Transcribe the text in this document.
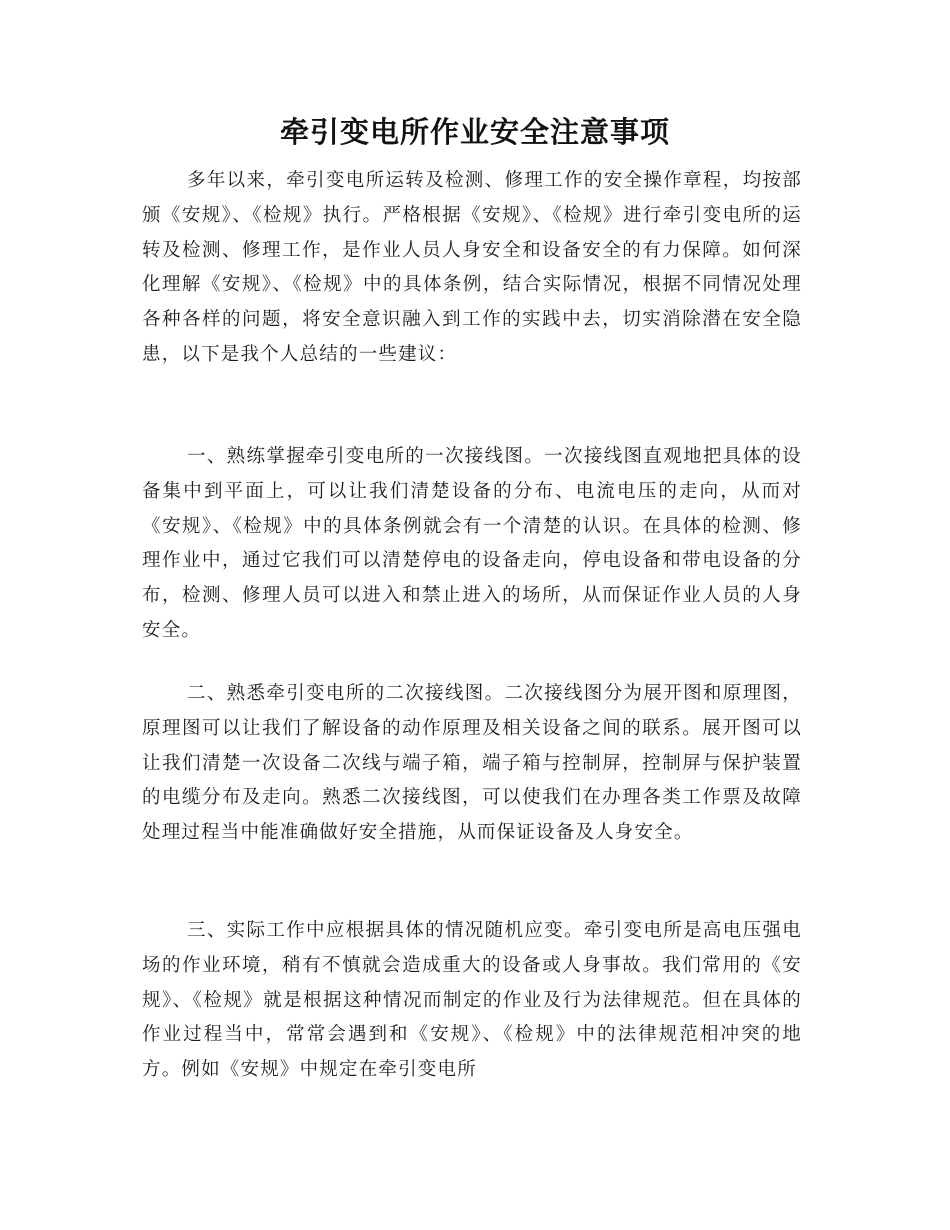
牵引变电所作业安全注意事项

多年以来，牵引变电所运转及检测、修理工作的安全操作章程，均按部颁《安规》、《检规》执行。严格根据《安规》、《检规》进行牵引变电所的运转及检测、修理工作，是作业人员人身安全和设备安全的有力保障。如何深化理解《安规》、《检规》中的具体条例，结合实际情况，根据不同情况处理各种各样的问题，将安全意识融入到工作的实践中去，切实消除潜在安全隐患，以下是我个人总结的一些建议：

一、熟练掌握牵引变电所的一次接线图。一次接线图直观地把具体的设备集中到平面上，可以让我们清楚设备的分布、电流电压的走向，从而对《安规》、《检规》中的具体条例就会有一个清楚的认识。在具体的检测、修理作业中，通过它我们可以清楚停电的设备走向，停电设备和带电设备的分布，检测、修理人员可以进入和禁止进入的场所，从而保证作业人员的人身安全。

二、熟悉牵引变电所的二次接线图。二次接线图分为展开图和原理图，原理图可以让我们了解设备的动作原理及相关设备之间的联系。展开图可以让我们清楚一次设备二次线与端子箱，端子箱与控制屏，控制屏与保护装置的电缆分布及走向。熟悉二次接线图，可以使我们在办理各类工作票及故障处理过程当中能准确做好安全措施，从而保证设备及人身安全。

三、实际工作中应根据具体的情况随机应变。牵引变电所是高电压强电场的作业环境，稍有不慎就会造成重大的设备或人身事故。我们常用的《安规》、《检规》就是根据这种情况而制定的作业及行为法律规范。但在具体的作业过程当中，常常会遇到和《安规》、《检规》中的法律规范相冲突的地方。例如《安规》中规定在牵引变电所
